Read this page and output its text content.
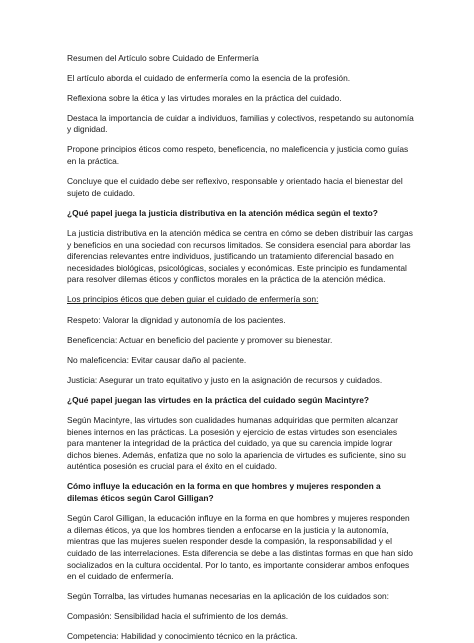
Resumen del Artículo sobre Cuidado de Enfermería

El artículo aborda el cuidado de enfermería como la esencia de la profesión.

Reflexiona sobre la ética y las virtudes morales en la práctica del cuidado.

Destaca la importancia de cuidar a individuos, familias y colectivos, respetando su autonomía y dignidad.

Propone principios éticos como respeto, beneficencia, no maleficencia y justicia como guías en la práctica.

Concluye que el cuidado debe ser reflexivo, responsable y orientado hacia el bienestar del sujeto de cuidado.

¿Qué papel juega la justicia distributiva en la atención médica según el texto?

La justicia distributiva en la atención médica se centra en cómo se deben distribuir las cargas y beneficios en una sociedad con recursos limitados. Se considera esencial para abordar las diferencias relevantes entre individuos, justificando un tratamiento diferencial basado en necesidades biológicas, psicológicas, sociales y económicas. Este principio es fundamental para resolver dilemas éticos y conflictos morales en la práctica de la atención médica.

Los principios éticos que deben guiar el cuidado de enfermería son:

Respeto: Valorar la dignidad y autonomía de los pacientes.

Beneficencia: Actuar en beneficio del paciente y promover su bienestar.

No maleficencia: Evitar causar daño al paciente.

Justicia: Asegurar un trato equitativo y justo en la asignación de recursos y cuidados.

¿Qué papel juegan las virtudes en la práctica del cuidado según Macintyre?

Según Macintyre, las virtudes son cualidades humanas adquiridas que permiten alcanzar bienes internos en las prácticas. La posesión y ejercicio de estas virtudes son esenciales para mantener la integridad de la práctica del cuidado, ya que su carencia impide lograr dichos bienes. Además, enfatiza que no solo la apariencia de virtudes es suficiente, sino su auténtica posesión es crucial para el éxito en el cuidado.

Cómo influye la educación en la forma en que hombres y mujeres responden a dilemas éticos según Carol Gilligan?

Según Carol Gilligan, la educación influye en la forma en que hombres y mujeres responden a dilemas éticos, ya que los hombres tienden a enfocarse en la justicia y la autonomía, mientras que las mujeres suelen responder desde la compasión, la responsabilidad y el cuidado de las interrelaciones. Esta diferencia se debe a las distintas formas en que han sido socializados en la cultura occidental. Por lo tanto, es importante considerar ambos enfoques en el cuidado de enfermería.

Según Torralba, las virtudes humanas necesarias en la aplicación de los cuidados son:

Compasión: Sensibilidad hacia el sufrimiento de los demás.

Competencia: Habilidad y conocimiento técnico en la práctica.
